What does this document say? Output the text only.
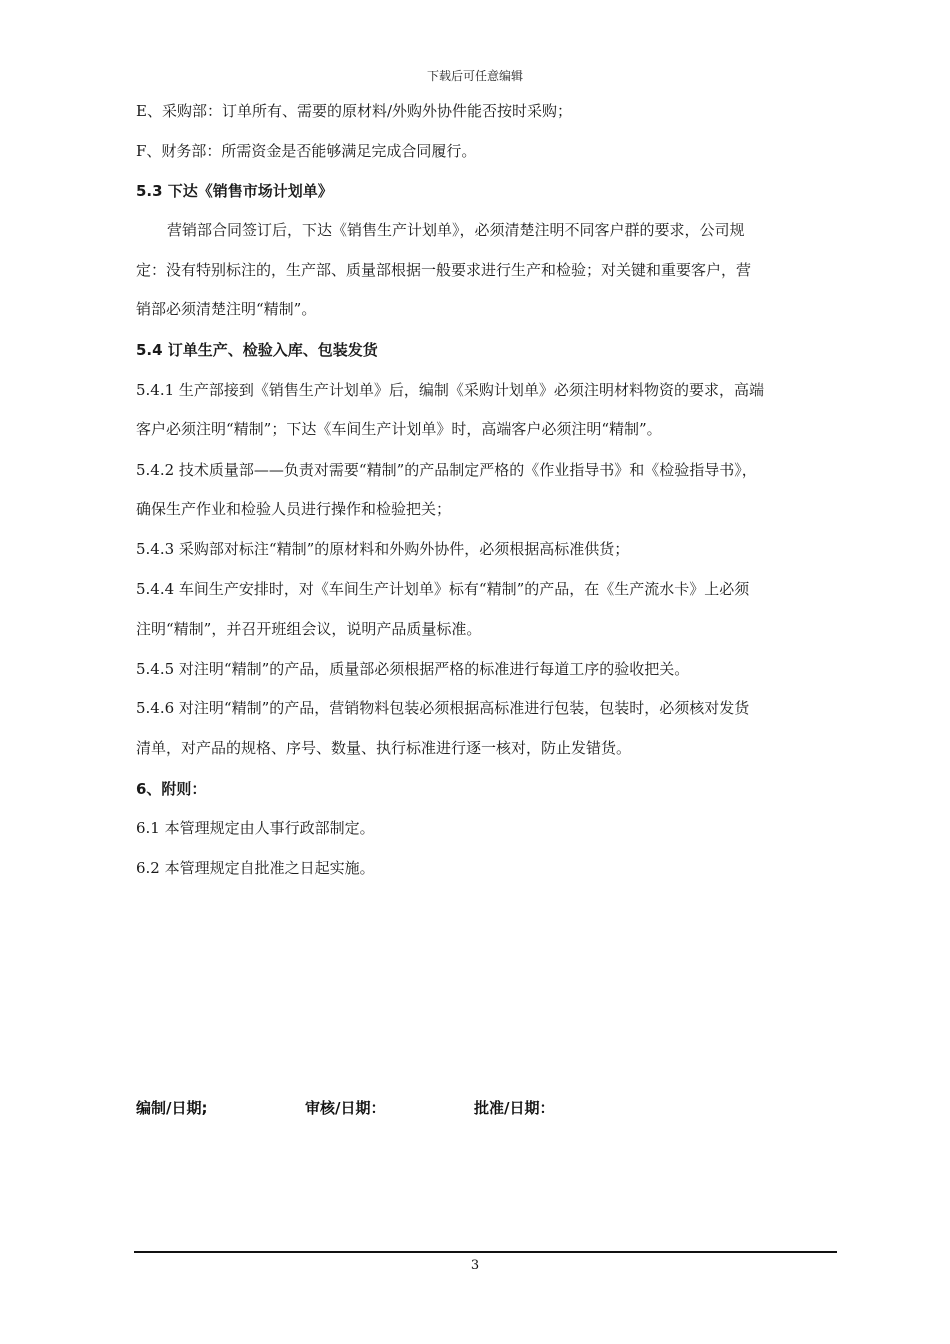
下载后可任意编辑
E、采购部：订单所有、需要的原材料/外购外协件能否按时采购；
F、财务部：所需资金是否能够满足完成合同履行。
5.3 下达《销售市场计划单》
营销部合同签订后，下达《销售生产计划单》，必须清楚注明不同客户群的要求，公司规
定：没有特别标注的，生产部、质量部根据一般要求进行生产和检验；对关键和重要客户，营
销部必须清楚注明“精制”。
5.4 订单生产、检验入库、包装发货
5.4.1 生产部接到《销售生产计划单》后，编制《采购计划单》必须注明材料物资的要求，高端
客户必须注明“精制”；下达《车间生产计划单》时，高端客户必须注明“精制”。
5.4.2 技术质量部——负责对需要“精制”的产品制定严格的《作业指导书》和《检验指导书》，
确保生产作业和检验人员进行操作和检验把关；
5.4.3 采购部对标注“精制”的原材料和外购外协件，必须根据高标准供货；
5.4.4 车间生产安排时，对《车间生产计划单》标有“精制”的产品，在《生产流水卡》上必须
注明“精制”，并召开班组会议，说明产品质量标准。
5.4.5 对注明“精制”的产品，质量部必须根据严格的标准进行每道工序的验收把关。
5.4.6 对注明“精制”的产品，营销物料包装必须根据高标准进行包装，包装时，必须核对发货
清单，对产品的规格、序号、数量、执行标准进行逐一核对，防止发错货。
6、附则：
6.1 本管理规定由人事行政部制定。
6.2 本管理规定自批准之日起实施。
编制/日期;	审核/日期：	批准/日期：
3
